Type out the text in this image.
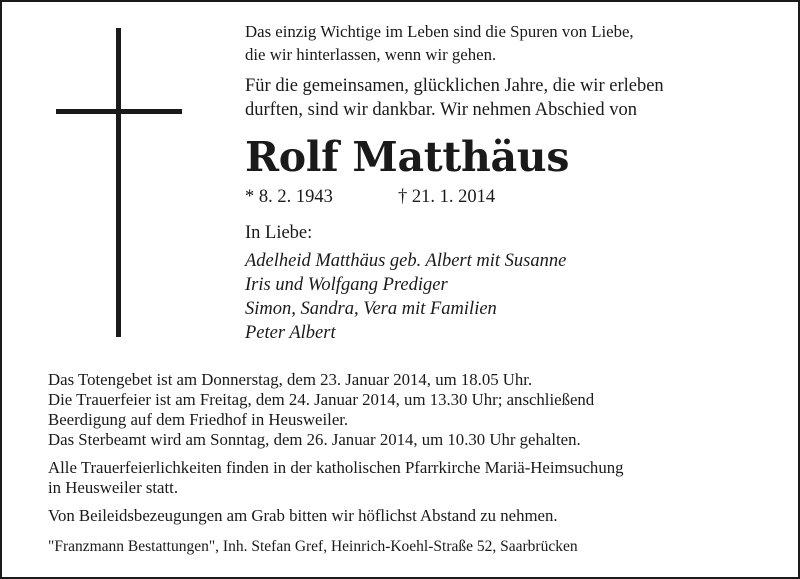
Das einzig Wichtige im Leben sind die Spuren von Liebe,
die wir hinterlassen, wenn wir gehen.

Für die gemeinsamen, glücklichen Jahre, die wir erleben
durften, sind wir dankbar. Wir nehmen Abschied von

Rolf Matthäus
* 8. 2. 1943	† 21. 1. 2014
In Liebe:
Adelheid Matthäus geb. Albert mit Susanne
Iris und Wolfgang Prediger
Simon, Sandra, Vera mit Familien
Peter Albert

Das Totengebet ist am Donnerstag, dem 23. Januar 2014, um 18.05 Uhr.

Die Trauerfeier ist am Freitag, dem 24. Januar 2014, um 13.30 Uhr; anschließend

Beerdigung auf dem Friedhof in Heusweiler.

Das Sterbeamt wird am Sonntag, dem 26. Januar 2014, um 10.30 Uhr gehalten.

Alle Trauerfeierlichkeiten finden in der katholischen Pfarrkirche Mariä-Heimsuchung

in Heusweiler statt.

Von Beileidsbezeugungen am Grab bitten wir höflichst Abstand zu nehmen.

"Franzmann Bestattungen", Inh. Stefan Gref, Heinrich-Koehl-Straße 52, Saarbrücken
